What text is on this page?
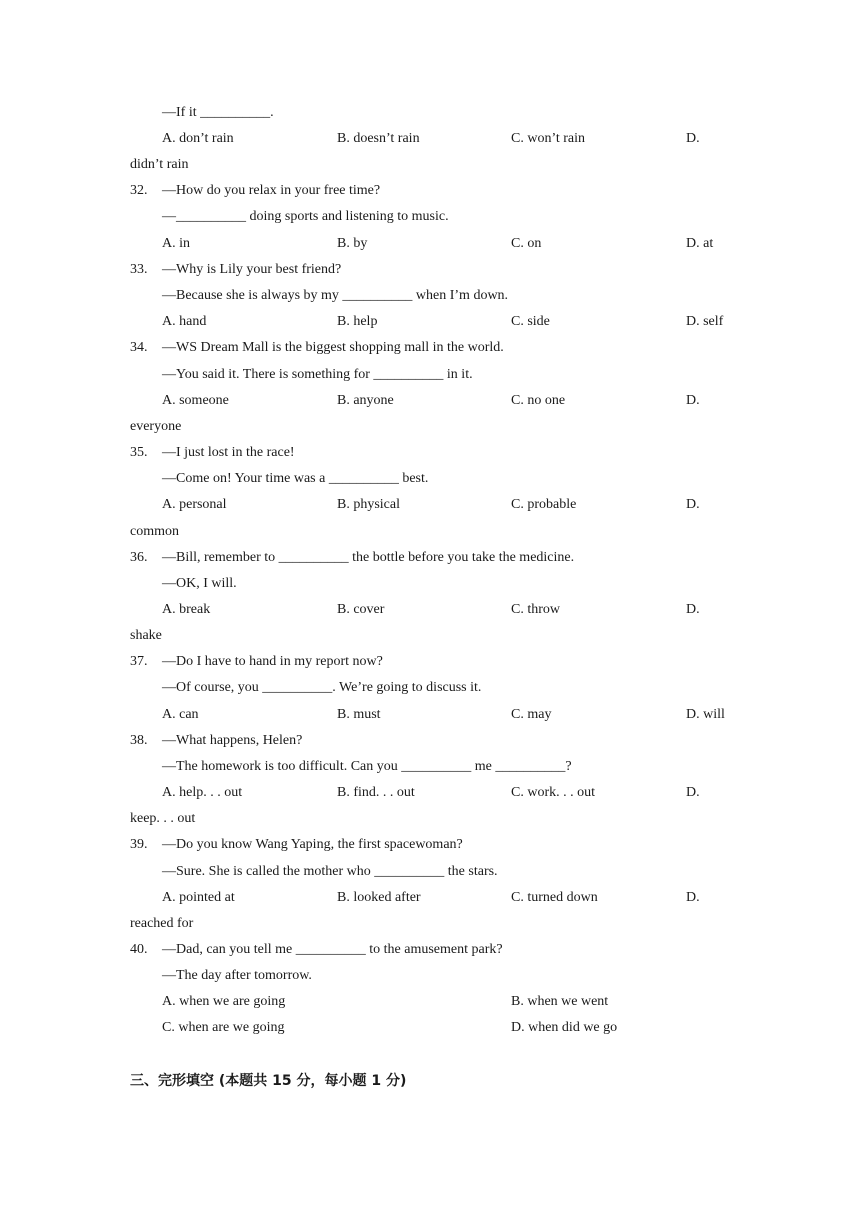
—If it __________.
A. don’t rain	B. doesn’t rain	C. won’t rain	D.
didn’t rain
32. —How do you relax in your free time?
—__________ doing sports and listening to music.
A. in	B. by	C. on	D. at
33. —Why is Lily your best friend?
—Because she is always by my __________ when I’m down.
A. hand	B. help	C. side	D. self
34. —WS Dream Mall is the biggest shopping mall in the world.
—You said it. There is something for __________ in it.
A. someone	B. anyone	C. no one	D.
everyone
35. —I just lost in the race!
—Come on! Your time was a __________ best.
A. personal	B. physical	C. probable	D.
common
36. —Bill, remember to __________ the bottle before you take the medicine.
—OK, I will.
A. break	B. cover	C. throw	D.
shake
37. —Do I have to hand in my report now?
—Of course, you __________. We’re going to discuss it.
A. can	B. must	C. may	D. will
38. —What happens, Helen?
—The homework is too difficult. Can you __________ me __________?
A. help. . . out	B. find. . . out	C. work. . . out	D.
keep. . . out
39. —Do you know Wang Yaping, the first spacewoman?
—Sure. She is called the mother who __________ the stars.
A. pointed at	B. looked after	C. turned down	D.
reached for
40. —Dad, can you tell me __________ to the amusement park?
—The day after tomorrow.
A. when we are going	B. when we went
C. when are we going	D. when did we go
三、完形填空 (本题共 15 分，每小题 1 分)
